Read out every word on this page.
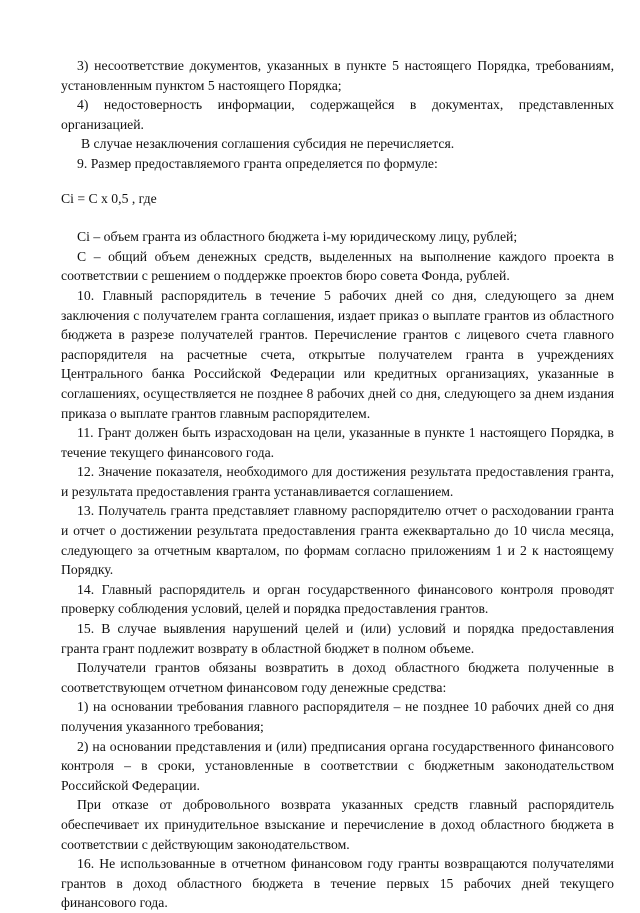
3) несоответствие документов, указанных в пункте 5 настоящего Порядка, требованиям, установленным пунктом 5 настоящего Порядка;

4) недостоверность информации, содержащейся в документах, представленных организацией.

В случае незаключения соглашения субсидия не перечисляется.

9. Размер предоставляемого гранта определяется по формуле:

Сi = С х 0,5 , где

Сi – объем гранта из областного бюджета i-му юридическому лицу, рублей;

С – общий объем денежных средств, выделенных на выполнение каждого проекта в соответствии с решением о поддержке проектов бюро совета Фонда, рублей.

10. Главный распорядитель в течение 5 рабочих дней со дня, следующего за днем заключения с получателем гранта соглашения, издает приказ о выплате грантов из областного бюджета в разрезе получателей грантов. Перечисление грантов с лицевого счета главного распорядителя на расчетные счета, открытые получателем гранта в учреждениях Центрального банка Российской Федерации или кредитных организациях, указанные в соглашениях, осуществляется не позднее 8 рабочих дней со дня, следующего за днем издания приказа о выплате грантов главным распорядителем.

11. Грант должен быть израсходован на цели, указанные в пункте 1 настоящего Порядка, в течение текущего финансового года.

12. Значение показателя, необходимого для достижения результата предоставления гранта, и результата предоставления гранта устанавливается соглашением.

13. Получатель гранта представляет главному распорядителю отчет о расходовании гранта и отчет о достижении результата предоставления гранта ежеквартально до 10 числа месяца, следующего за отчетным кварталом, по формам согласно приложениям 1 и 2 к настоящему Порядку.

14. Главный распорядитель и орган государственного финансового контроля проводят проверку соблюдения условий, целей и порядка предоставления грантов.

15. В случае выявления нарушений целей и (или) условий и порядка предоставления гранта грант подлежит возврату в областной бюджет в полном объеме.

Получатели грантов обязаны возвратить в доход областного бюджета полученные в соответствующем отчетном финансовом году денежные средства:

1) на основании требования главного распорядителя – не позднее 10 рабочих дней со дня получения указанного требования;

2) на основании представления и (или) предписания органа государственного финансового контроля – в сроки, установленные в соответствии с бюджетным законодательством Российской Федерации.

При отказе от добровольного возврата указанных средств главный распорядитель обеспечивает их принудительное взыскание и перечисление в доход областного бюджета в соответствии с действующим законодательством.

16. Не использованные в отчетном финансовом году гранты возвращаются получателями грантов в доход областного бюджета в течение первых 15 рабочих дней текущего финансового года.
